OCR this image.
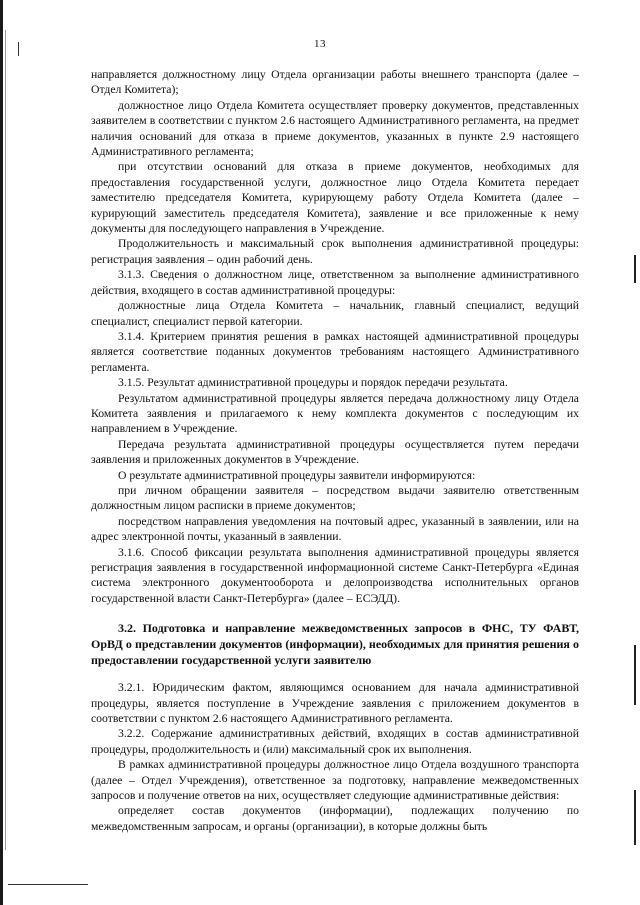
13

направляется должностному лицу Отдела организации работы внешнего транспорта (далее – Отдел Комитета);

должностное лицо Отдела Комитета осуществляет проверку документов, представленных заявителем в соответствии с пунктом 2.6 настоящего Административного регламента, на предмет наличия оснований для отказа в приеме документов, указанных в пункте 2.9 настоящего Административного регламента;

при отсутствии оснований для отказа в приеме документов, необходимых для предоставления государственной услуги, должностное лицо Отдела Комитета передает заместителю председателя Комитета, курирующему работу Отдела Комитета (далее – курирующий заместитель председателя Комитета), заявление и все приложенные к нему документы для последующего направления в Учреждение.

Продолжительность и максимальный срок выполнения административной процедуры: регистрация заявления – один рабочий день.

3.1.3. Сведения о должностном лице, ответственном за выполнение административного действия, входящего в состав административной процедуры:

должностные лица Отдела Комитета – начальник, главный специалист, ведущий специалист, специалист первой категории.

3.1.4. Критерием принятия решения в рамках настоящей административной процедуры является соответствие поданных документов требованиям настоящего Административного регламента.

3.1.5. Результат административной процедуры и порядок передачи результата.

Результатом административной процедуры является передача должностному лицу Отдела Комитета заявления и прилагаемого к нему комплекта документов с последующим их направлением в Учреждение.

Передача результата административной процедуры осуществляется путем передачи заявления и приложенных документов в Учреждение.

О результате административной процедуры заявители информируются:

при личном обращении заявителя – посредством выдачи заявителю ответственным должностным лицом расписки в приеме документов;

посредством направления уведомления на почтовый адрес, указанный в заявлении, или на адрес электронной почты, указанный в заявлении.

3.1.6. Способ фиксации результата выполнения административной процедуры является регистрация заявления в государственной информационной системе Санкт-Петербурга «Единая система электронного документооборота и делопроизводства исполнительных органов государственной власти Санкт-Петербурга» (далее – ЕСЭДД).

3.2. Подготовка и направление межведомственных запросов в ФНС, ТУ ФАВТ, ОрВД о представлении документов (информации), необходимых для принятия решения о предоставлении государственной услуги заявителю

3.2.1. Юридическим фактом, являющимся основанием для начала административной процедуры, является поступление в Учреждение заявления с приложением документов в соответствии с пунктом 2.6 настоящего Административного регламента.

3.2.2. Содержание административных действий, входящих в состав административной процедуры, продолжительность и (или) максимальный срок их выполнения.

В рамках административной процедуры должностное лицо Отдела воздушного транспорта (далее – Отдел Учреждения), ответственное за подготовку, направление межведомственных запросов и получение ответов на них, осуществляет следующие административные действия:

определяет состав документов (информации), подлежащих получению по межведомственным запросам, и органы (организации), в которые должны быть
